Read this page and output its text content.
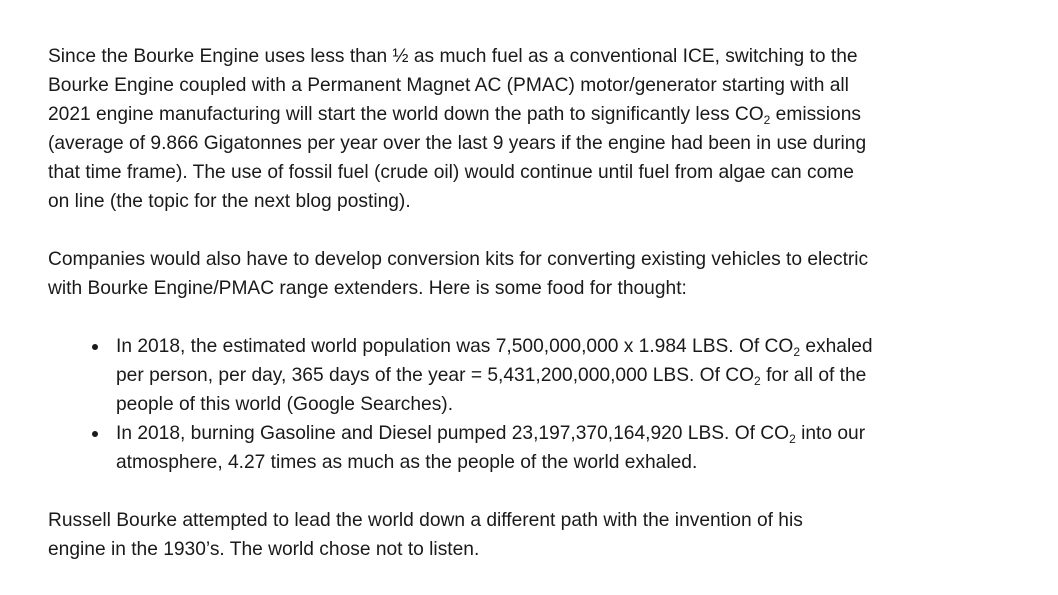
Since the Bourke Engine uses less than ½ as much fuel as a conventional ICE, switching to the
Bourke Engine coupled with a Permanent Magnet AC (PMAC) motor/generator starting with all
2021 engine manufacturing will start the world down the path to significantly less $CO_2$ emissions
(average of 9.866 Gigatonnes per year over the last 9 years if the engine had been in use during
that time frame). The use of fossil fuel (crude oil) would continue until fuel from algae can come
on line (the topic for the next blog posting).

Companies would also have to develop conversion kits for converting existing vehicles to electric
with Bourke Engine/PMAC range extenders. Here is some food for thought:

In 2018, the estimated world population was 7,500,000,000 x 1.984 LBS. Of $CO_2$ exhaled
per person, per day, 365 days of the year = 5,431,200,000,000 LBS. Of $CO_2$ for all of the
people of this world (Google Searches).
In 2018, burning Gasoline and Diesel pumped 23,197,370,164,920 LBS. Of $CO_2$ into our
atmosphere, 4.27 times as much as the people of the world exhaled.

Russell Bourke attempted to lead the world down a different path with the invention of his
engine in the 1930’s. The world chose not to listen.
